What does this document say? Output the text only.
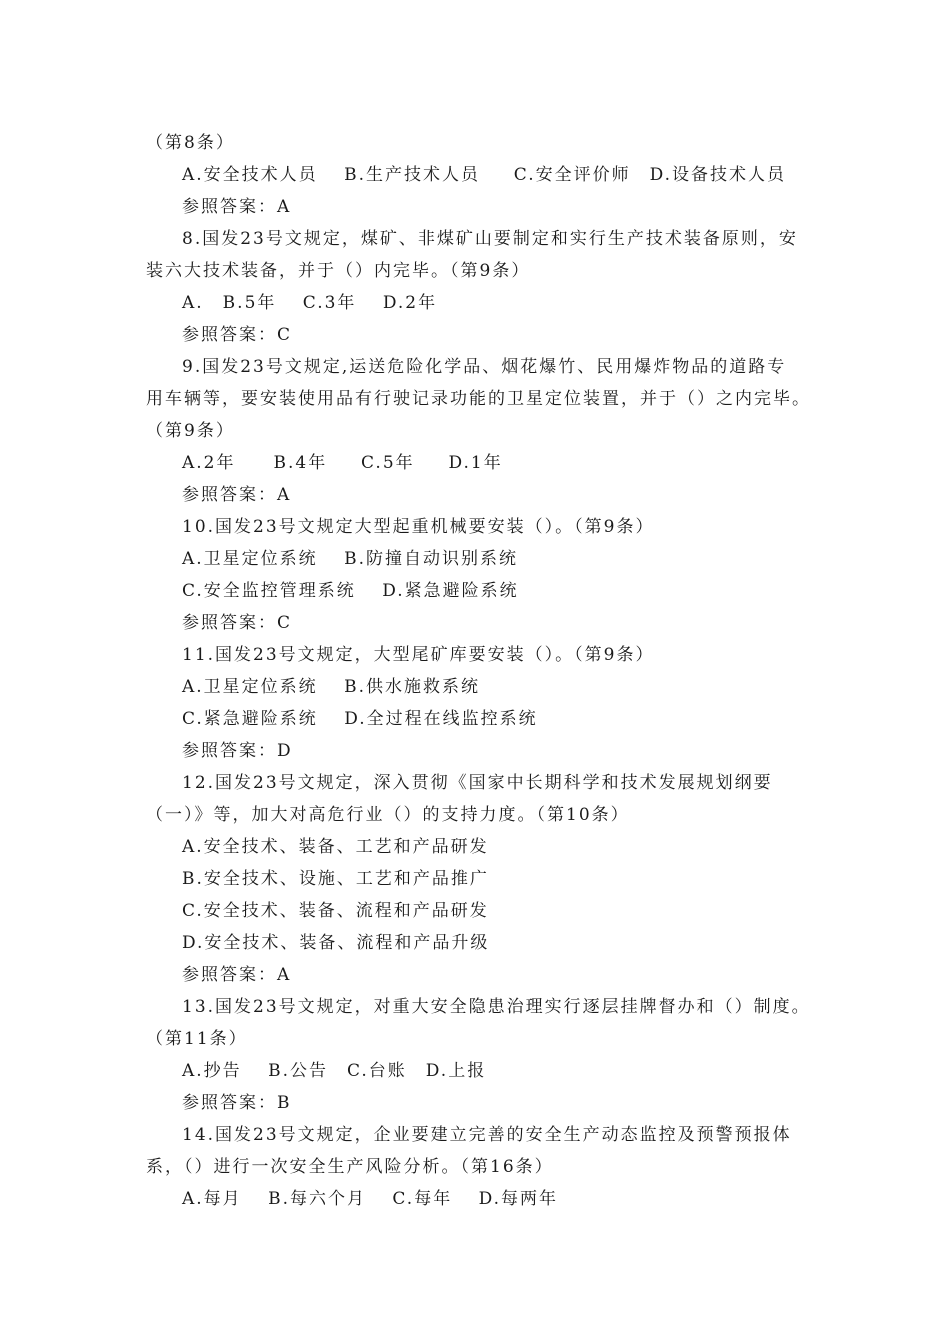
（第8条）
A.安全技术人员　 B.生产技术人员　  C.安全评价师　D.设备技术人员
参照答案：A
8.国发23号文规定，煤矿、非煤矿山要制定和实行生产技术装备原则，安
装六大技术装备，并于（）内完毕。（第9条）
A.　B.5年　 C.3年　 D.2年
参照答案：C
9.国发23号文规定,运送危险化学品、烟花爆竹、民用爆炸物品的道路专
用车辆等，要安装使用品有行驶记录功能的卫星定位装置，并于（）之内完毕。
（第9条）
A.2年　　B.4年　  C.5年　  D.1年
参照答案：A
10.国发23号文规定大型起重机械要安装（）。（第9条）
A.卫星定位系统　 B.防撞自动识别系统
C.安全监控管理系统　 D.紧急避险系统
参照答案：C
11.国发23号文规定，大型尾矿库要安装（）。（第9条）
A.卫星定位系统　 B.供水施救系统
C.紧急避险系统　 D.全过程在线监控系统
参照答案：D
12.国发23号文规定，深入贯彻《国家中长期科学和技术发展规划纲要
（一）》等，加大对高危行业（）的支持力度。（第10条）
A.安全技术、装备、工艺和产品研发
B.安全技术、设施、工艺和产品推广
C.安全技术、装备、流程和产品研发
D.安全技术、装备、流程和产品升级
参照答案：A
13.国发23号文规定，对重大安全隐患治理实行逐层挂牌督办和（）制度。
（第11条）
A.抄告　 B.公告　C.台账　D.上报
参照答案：B
14.国发23号文规定，企业要建立完善的安全生产动态监控及预警预报体
系，（）进行一次安全生产风险分析。（第16条）
A.每月　 B.每六个月　 C.每年　 D.每两年
